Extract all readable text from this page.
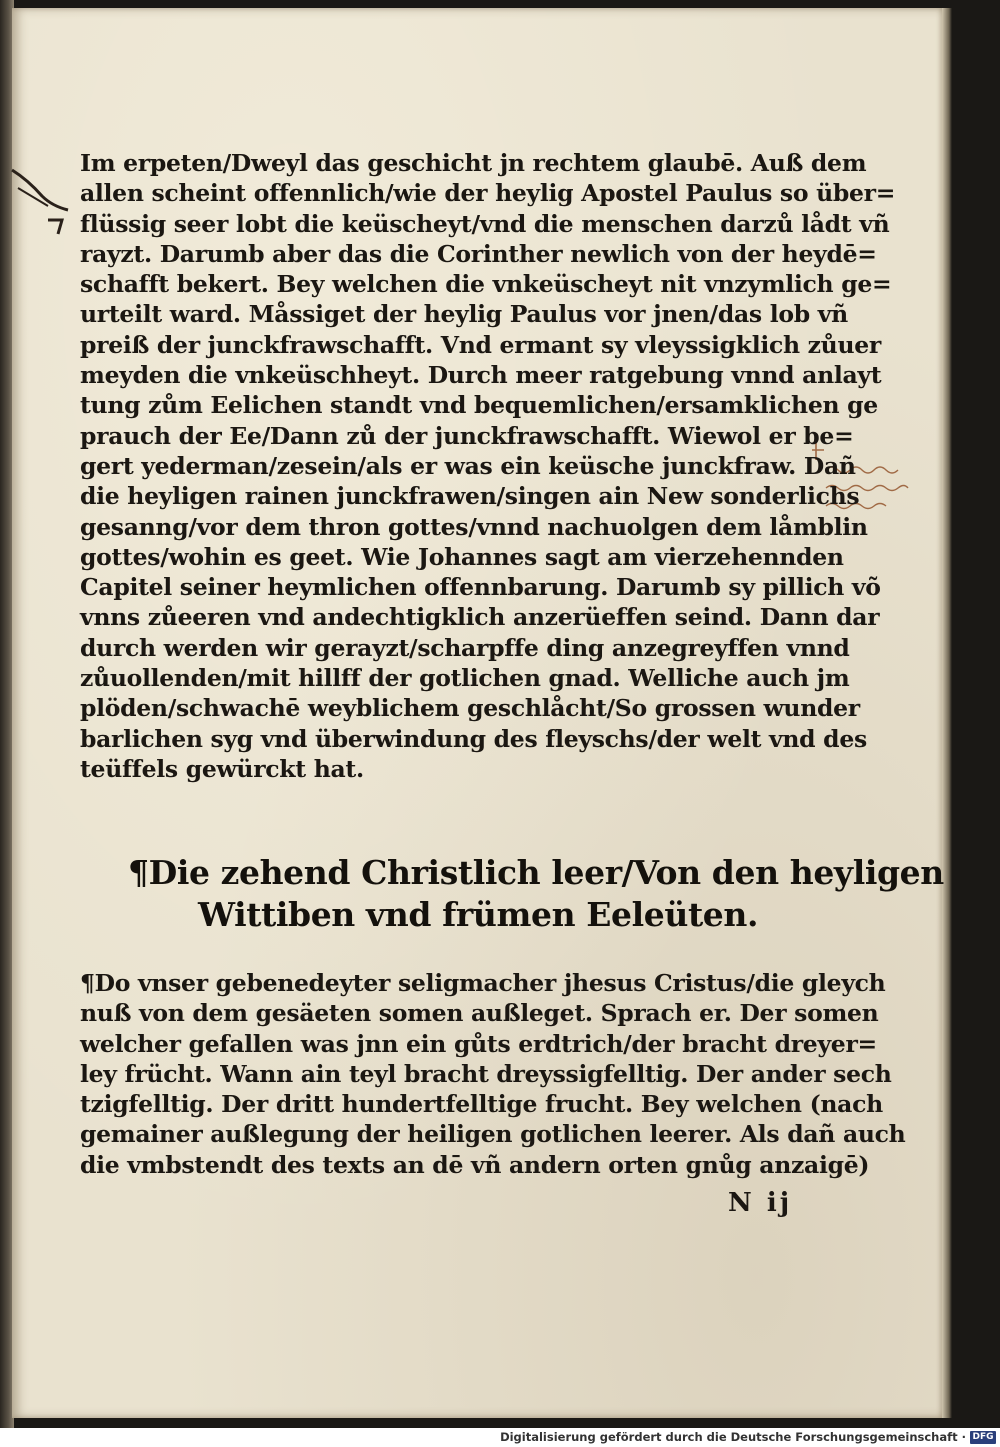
Im erpeten/Dweyl das geschicht jn rechtem glaubē. Auß dem
allen scheint offennlich/wie der heylig Apostel Paulus so über=
flüssig seer lobt die keüscheyt/vnd die menschen darzů lådt vñ
rayzt. Darumb aber das die Corinther newlich von der heydē=
schafft bekert. Bey welchen die vnkeüscheyt nit vnzymlich ge=
urteilt ward. Måssiget der heylig Paulus vor jnen/das lob vñ
preiß der junckfrawschafft. Vnd ermant sy vleyssigklich zůuer
meyden die vnkeüschheyt. Durch meer ratgebung vnnd anlayt
tung zům Eelichen standt vnd bequemlichen/ersamklichen ge
prauch der Ee/Dann zů der junckfrawschafft. Wiewol er be=
gert yederman/zesein/als er was ein keüsche junckfraw. Dañ
die heyligen rainen junckfrawen/singen ain New sonderlichs
gesanng/vor dem thron gottes/vnnd nachuolgen dem låmblin
gottes/wohin es geet. Wie Johannes sagt am vierzehennden
Capitel seiner heymlichen offennbarung. Darumb sy pillich võ
vnns zůeeren vnd andechtigklich anzerüeffen seind. Dann dar
durch werden wir gerayzt/scharpffe ding anzegreyffen vnnd
zůuollenden/mit hillff der gotlichen gnad. Welliche auch jm
plöden/schwachē weyblichem geschlåcht/So grossen wunder
barlichen syg vnd überwindung des fleyschs/der welt vnd des
teüffels gewürckt hat.
¶Die zehend Christlich leer/Von den heyligen
Wittiben vnd frümen Eeleüten.
¶Do vnser gebenedeyter seligmacher jhesus Cristus/die gleych
nuß von dem gesäeten somen außleget. Sprach er. Der somen
welcher gefallen was jnn ein gůts erdtrich/der bracht dreyer=
ley frücht. Wann ain teyl bracht dreyssigfelltig. Der ander sech
tzigfelltig. Der dritt hundertfelltige frucht. Bey welchen (nach
gemainer außlegung der heiligen gotlichen leerer. Als dañ auch
die vmbstendt des texts an dē vñ andern orten gnůg anzaigē)
N ij
Digitalisierung gefördert durch die Deutsche Forschungsgemeinschaft · DFG
